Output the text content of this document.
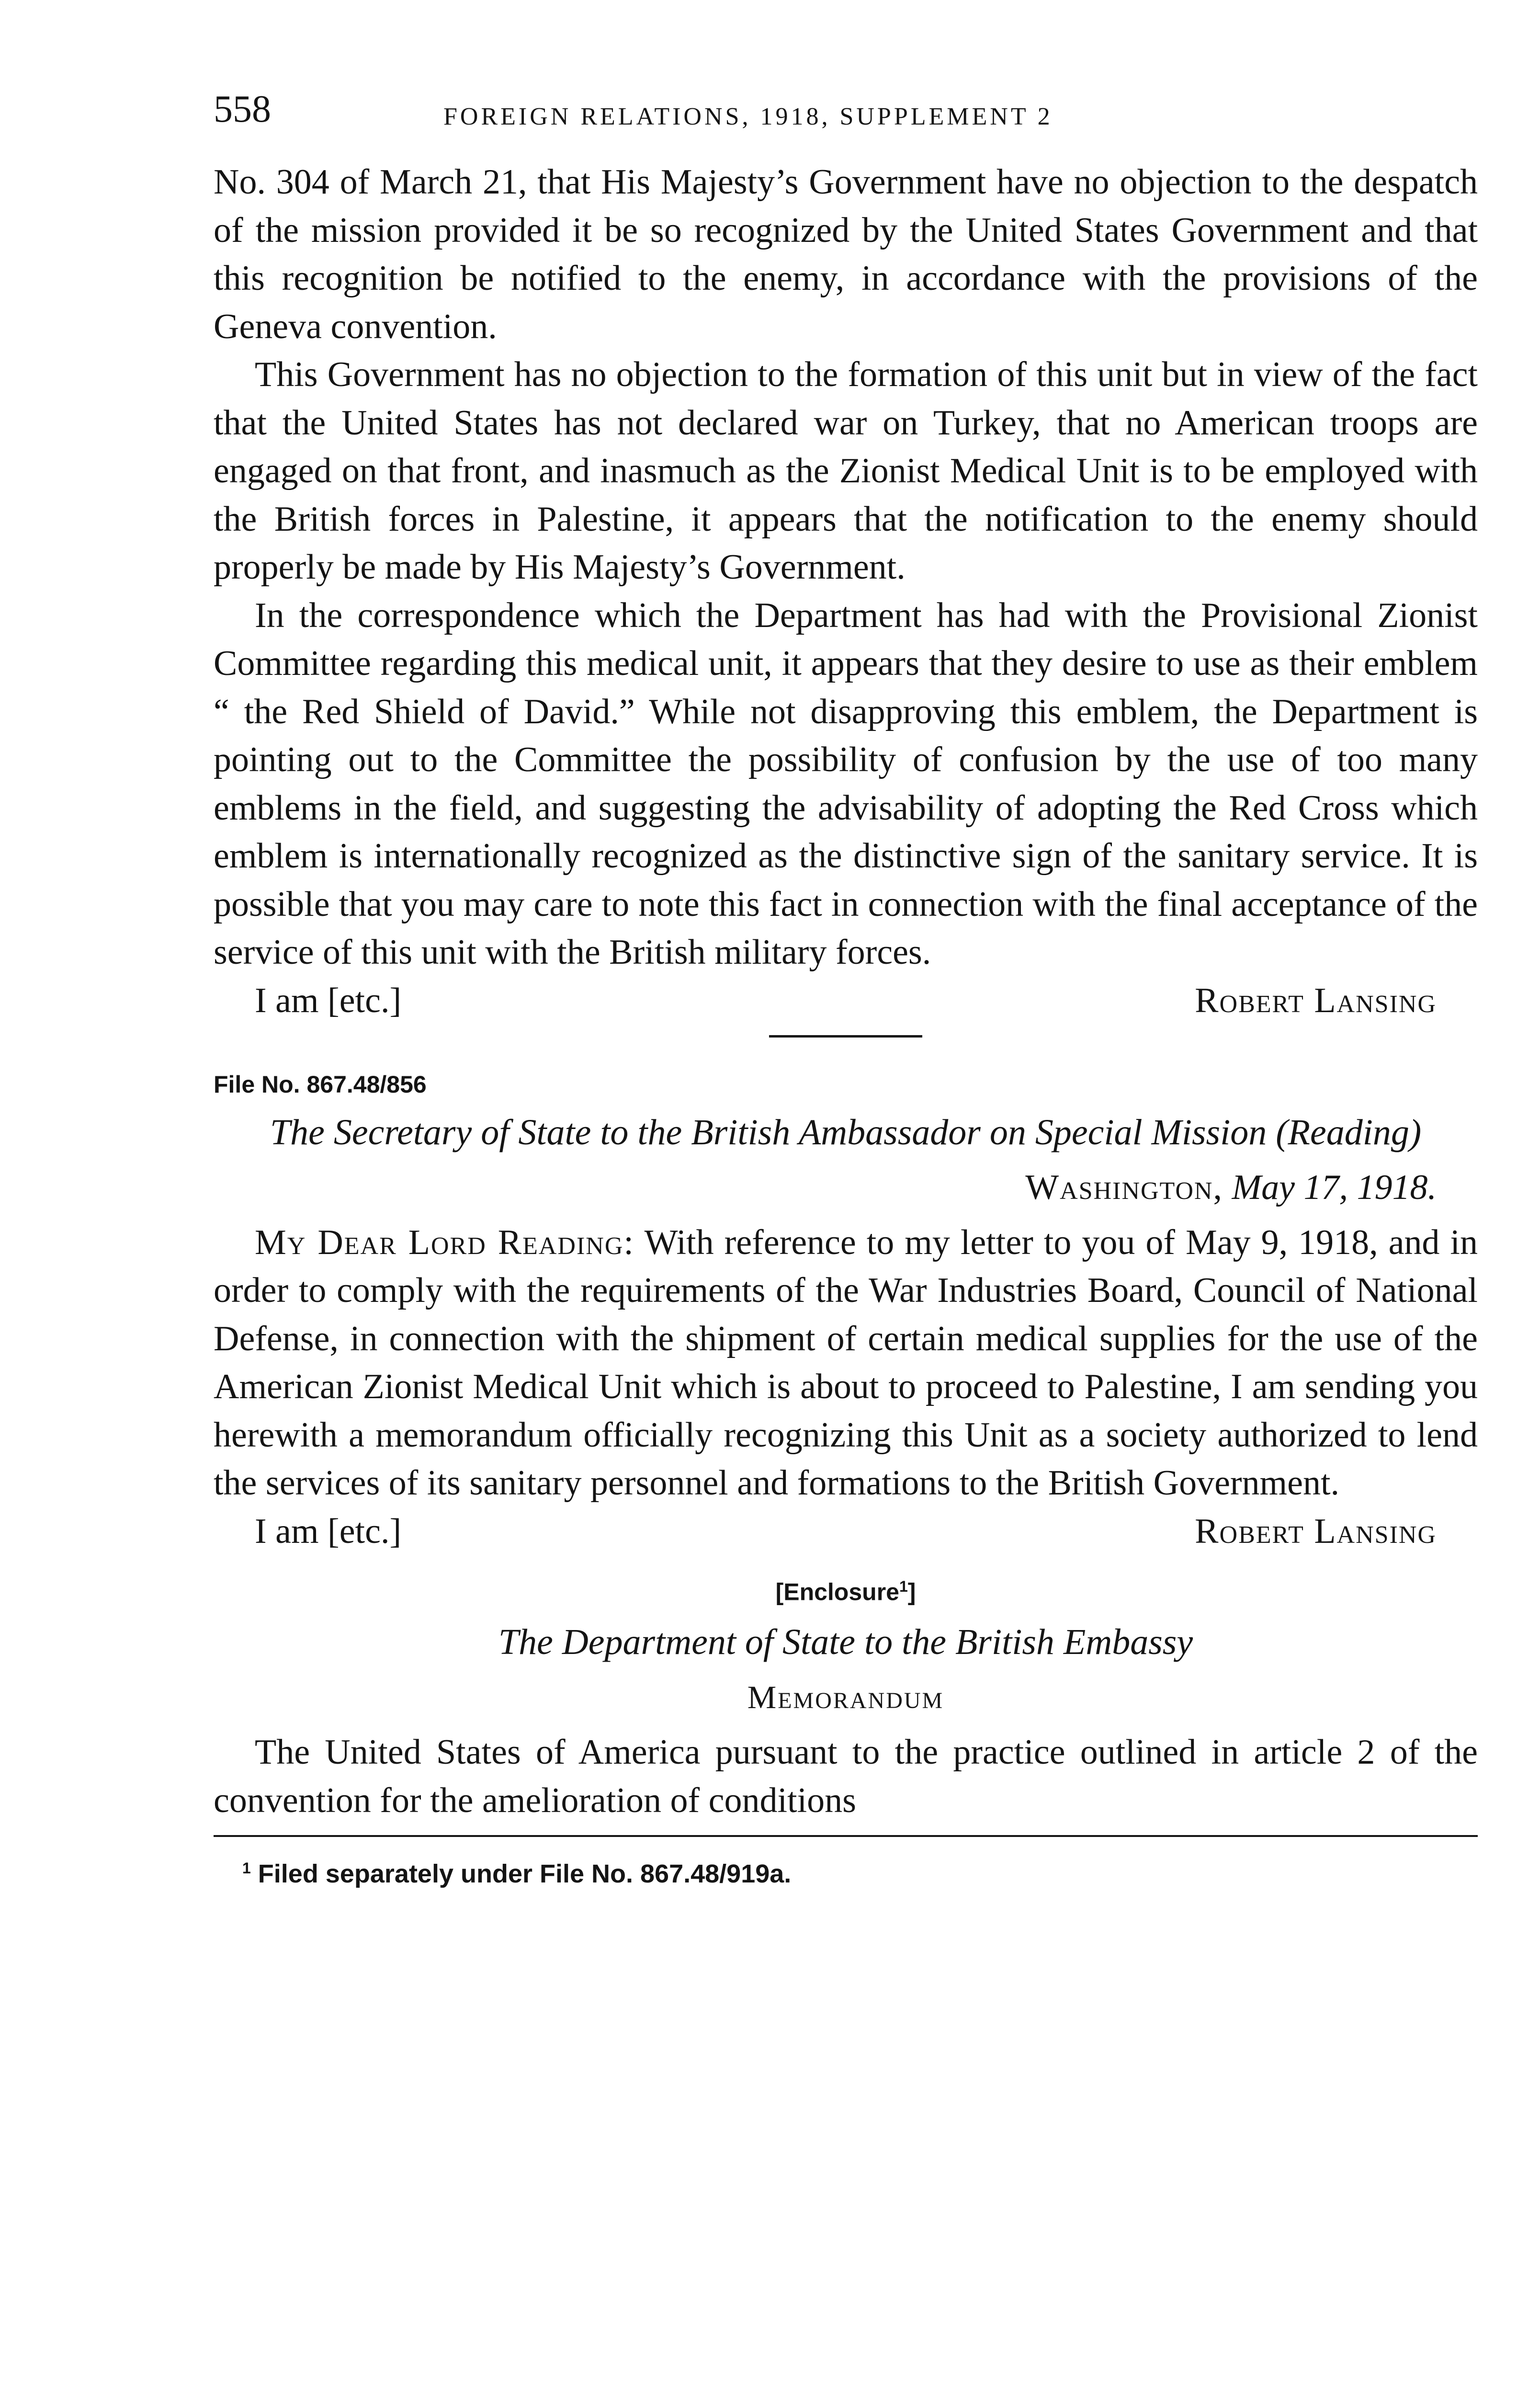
558	FOREIGN RELATIONS, 1918, SUPPLEMENT 2

No. 304 of March 21, that His Majesty’s Government have no objection to the despatch of the mission provided it be so recognized by the United States Government and that this recognition be notified to the enemy, in accordance with the provisions of the Geneva convention.

This Government has no objection to the formation of this unit but in view of the fact that the United States has not declared war on Turkey, that no American troops are engaged on that front, and inasmuch as the Zionist Medical Unit is to be employed with the British forces in Palestine, it appears that the notification to the enemy should properly be made by His Majesty’s Government.

In the correspondence which the Department has had with the Provisional Zionist Committee regarding this medical unit, it appears that they desire to use as their emblem “ the Red Shield of David.” While not disapproving this emblem, the Department is pointing out to the Committee the possibility of confusion by the use of too many emblems in the field, and suggesting the advisability of adopting the Red Cross which emblem is internationally recognized as the distinctive sign of the sanitary service. It is possible that you may care to note this fact in connection with the final acceptance of the service of this unit with the British military forces.

I am [etc.]	Robert Lansing
File No. 867.48/856
The Secretary of State to the British Ambassador on Special Mission (Reading)
Washington, May 17, 1918.

My Dear Lord Reading: With reference to my letter to you of May 9, 1918, and in order to comply with the requirements of the War Industries Board, Council of National Defense, in connection with the shipment of certain medical supplies for the use of the American Zionist Medical Unit which is about to proceed to Palestine, I am sending you herewith a memorandum officially recognizing this Unit as a society authorized to lend the services of its sanitary personnel and formations to the British Government.

I am [etc.]	Robert Lansing
[Enclosure$^1$]
The Department of State to the British Embassy
Memorandum

The United States of America pursuant to the practice outlined in article 2 of the convention for the amelioration of conditions

$^1$ Filed separately under File No. 867.48/919a.
